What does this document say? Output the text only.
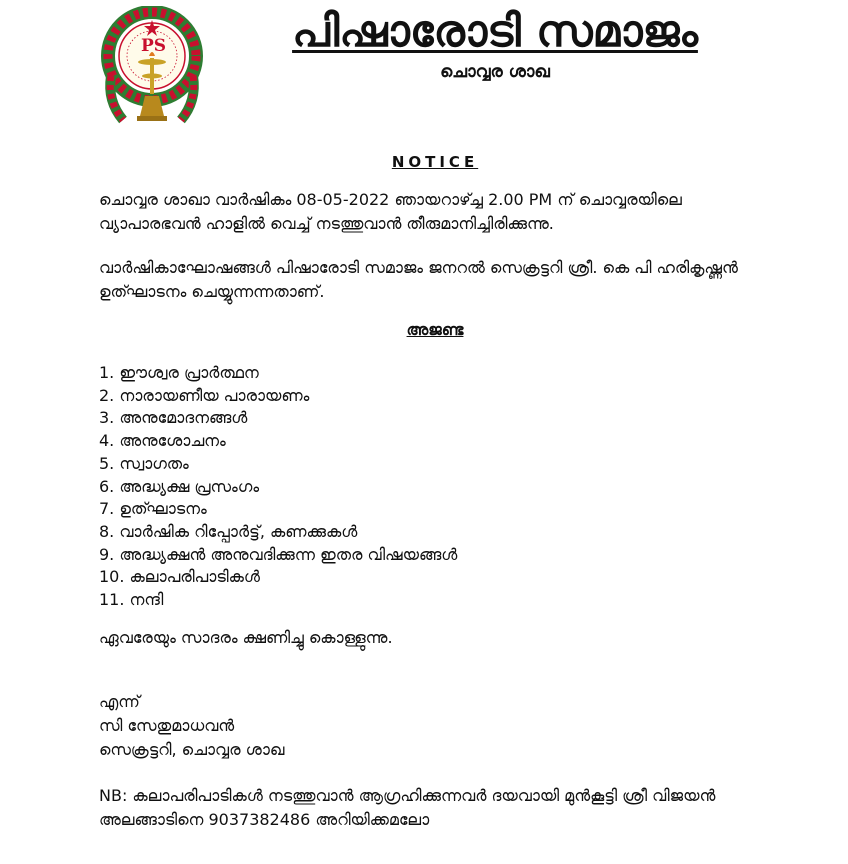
PS	പിഷാരോടി സമാജം
ചൊവ്വര ശാഖ
NOTICE
ചൊവ്വര ശാഖാ വാർഷികം 08-05-2022 ഞായറാഴ്ച്ച 2.00 PM ന് ചൊവ്വരയിലെ വ്യാപാരഭവൻ ഹാളിൽ വെച്ച് നടത്തുവാൻ തീരുമാനിച്ചിരിക്കുന്നു.
വാർഷികാഘോഷങ്ങൾ പിഷാരോടി സമാജം ജനറൽ സെക്രട്ടറി ശ്രീ. കെ പി ഹരികൃഷ്ണൻ ഉത്ഘാടനം ചെയ്യുന്നന്നതാണ്.
അജണ്ട
1. ഈശ്വര പ്രാർത്ഥന
2. നാരായണീയ പാരായണം
3. അനുമോദനങ്ങൾ
4. അനുശോചനം
5. സ്വാഗതം
6. അദ്ധ്യക്ഷ പ്രസംഗം
7. ഉത്ഘാടനം
8. വാർഷിക റിപ്പോർട്ട്, കണക്കുകൾ
9. അദ്ധ്യക്ഷൻ അനുവദിക്കുന്ന ഇതര വിഷയങ്ങൾ
10. കലാപരിപാടികൾ
11. നന്ദി
ഏവരേയും സാദരം ക്ഷണിച്ചു കൊള്ളുന്നു.
എന്ന്
സി സേതുമാധവൻ
സെക്രട്ടറി, ചൊവ്വര ശാഖ
NB: കലാപരിപാടികൾ നടത്തുവാൻ ആഗ്രഹിക്കുന്നവർ ദയവായി മുൻകൂട്ടി ശ്രീ വിജയൻ അലങ്ങാടിനെ 9037382486 അറിയിക്കമലോ
